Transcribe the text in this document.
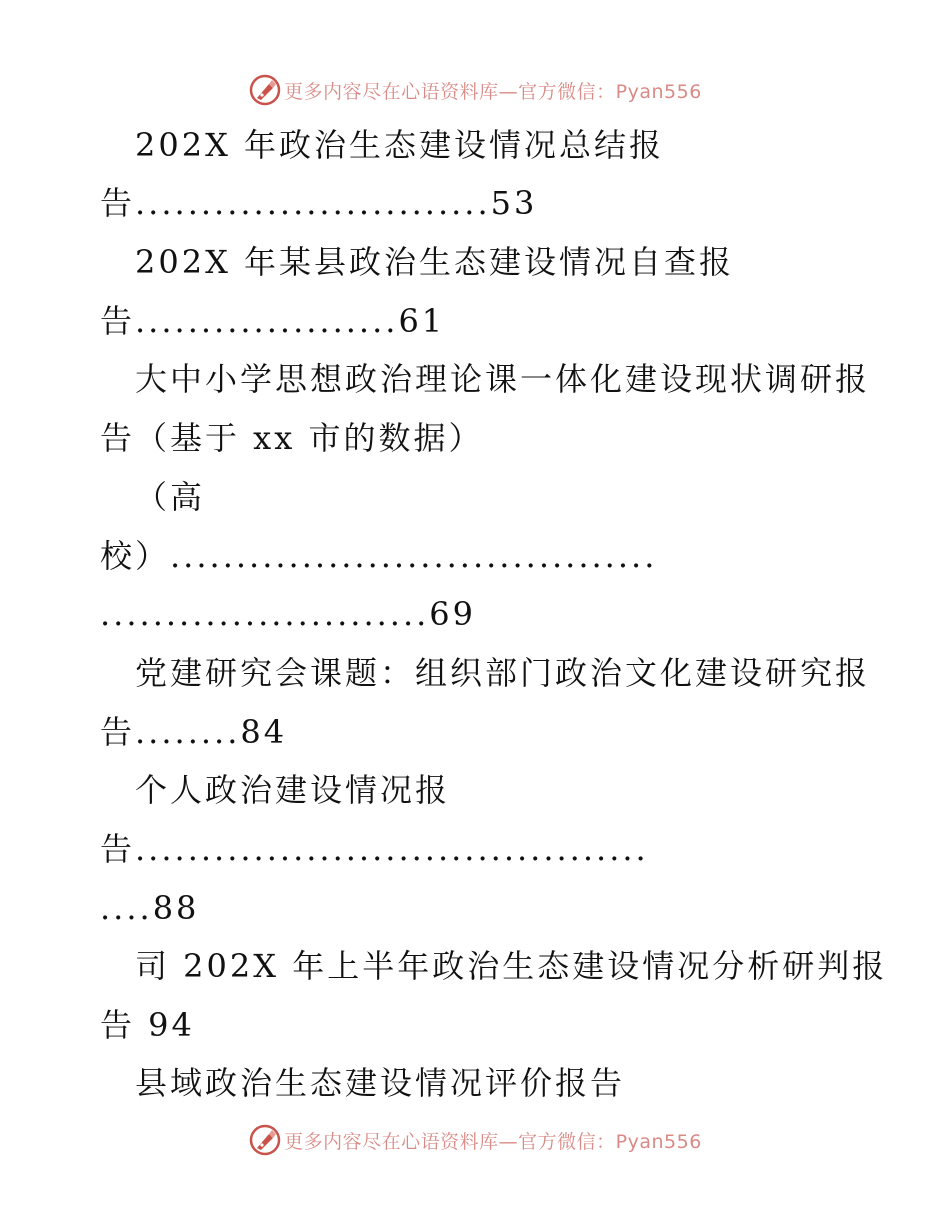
更多内容尽在心语资料库—官方微信：Pyan556
202X 年政治生态建设情况总结报
告...........................53
202X 年某县政治生态建设情况自查报
告....................61
大中小学思想政治理论课一体化建设现状调研报
告（基于 xx 市的数据）
（高
校）.....................................
.........................69
党建研究会课题：组织部门政治文化建设研究报
告........84
个人政治建设情况报
告.......................................
....88
司 202X 年上半年政治生态建设情况分析研判报
告 94
县域政治生态建设情况评价报告
更多内容尽在心语资料库—官方微信：Pyan556
